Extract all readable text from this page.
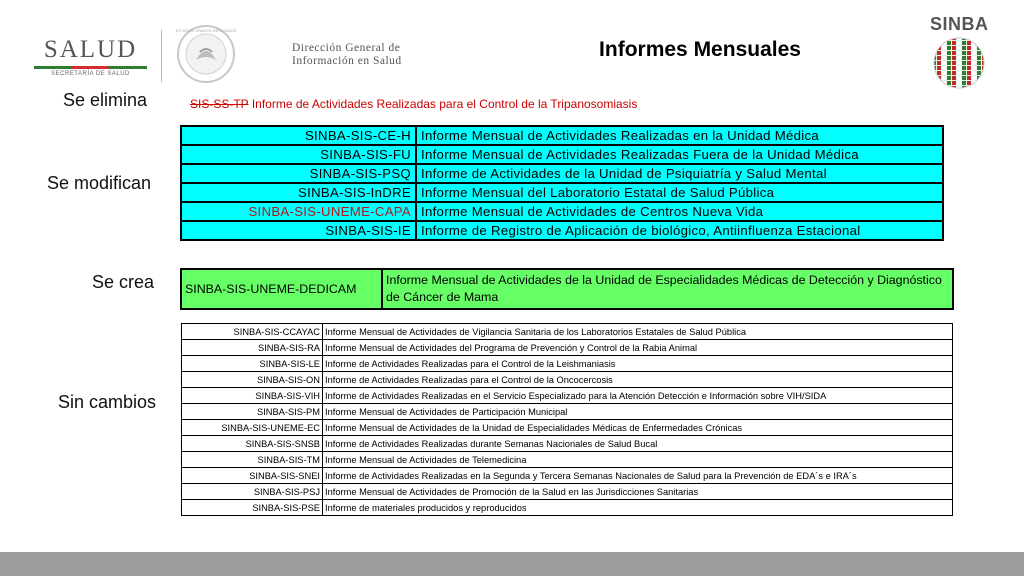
SALUD
SECRETARÍA DE SALUD
ESTADOS UNIDOS MEXICANOS
Dirección General de
Información en Salud	Informes Mensuales
SINBA
Se elimina
Se modifican
Se crea
Sin cambios
SIS-SS-TP Informe de Actividades Realizadas para el Control de la Tripanosomiasis
SINBA-SIS-CE-H	Informe Mensual de Actividades Realizadas en la Unidad Médica
SINBA-SIS-FU	Informe Mensual de Actividades Realizadas Fuera de la Unidad Médica
SINBA-SIS-PSQ	Informe de Actividades de la Unidad de Psiquiatría y Salud Mental
SINBA-SIS-InDRE	Informe Mensual del Laboratorio Estatal de Salud Pública
SINBA-SIS-UNEME-CAPA	Informe Mensual de Actividades de Centros Nueva Vida
SINBA-SIS-IE	Informe de Registro de Aplicación de biológico, Antiinfluenza Estacional
SINBA-SIS-UNEME-DEDICAM	Informe Mensual de Actividades de la Unidad de Especialidades Médicas de Detección y Diagnóstico de Cáncer de Mama
SINBA-SIS-CCAYAC	Informe Mensual de Actividades de Vigilancia Sanitaria de los Laboratorios Estatales de Salud Pública
SINBA-SIS-RA	Informe Mensual de Actividades del Programa de Prevención y Control de la Rabia Animal
SINBA-SIS-LE	Informe de Actividades Realizadas para el Control de la Leishmaniasis
SINBA-SIS-ON	Informe de Actividades Realizadas para el Control de la Oncocercosis
SINBA-SIS-VIH	Informe de Actividades Realizadas en el Servicio Especializado para la Atención Detección e Información sobre VIH/SIDA
SINBA-SIS-PM	Informe Mensual de Actividades de Participación Municipal
SINBA-SIS-UNEME-EC	Informe Mensual de Actividades de la Unidad de Especialidades Médicas de Enfermedades Crónicas
SINBA-SIS-SNSB	Informe de Actividades Realizadas durante Semanas Nacionales de Salud Bucal
SINBA-SIS-TM	Informe Mensual de Actividades de Telemedicina
SINBA-SIS-SNEI	Informe de Actividades Realizadas en la Segunda y Tercera Semanas Nacionales de Salud para la Prevención de EDA´s e IRA´s
SINBA-SIS-PSJ	Informe Mensual de Actividades de Promoción de la Salud en las Jurisdicciones Sanitarias
SINBA-SIS-PSE	Informe de materiales producidos y reproducidos
